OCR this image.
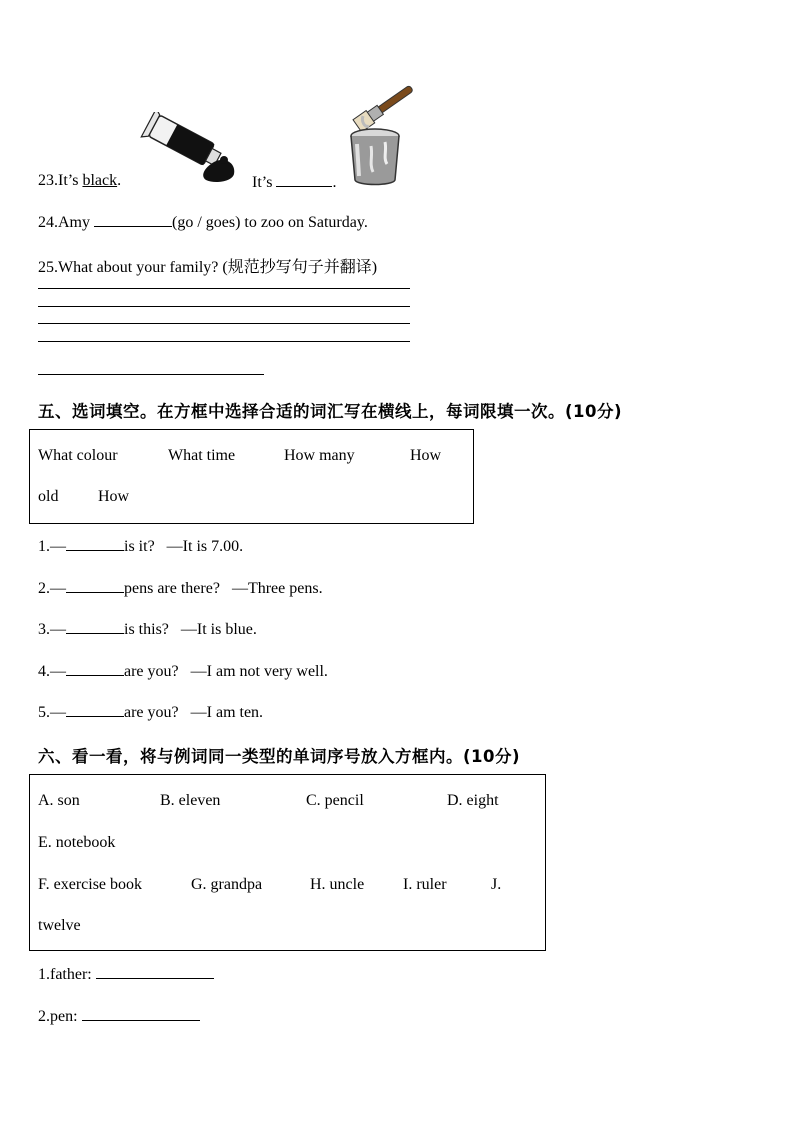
23.It’s black.	It’s	.
24.Amy	(go / goes) to zoo on Saturday.
25.What about your family? (规范抄写句子并翻译)
五、选词填空。在方框中选择合适的词汇写在横线上，每词限填一次。(10分)
What colour	What time	How many	How
old How
1.—	is it?   —It is 7.00.
2.—	pens are there?   —Three pens.
3.—	is this?   —It is blue.
4.—	are you?   —I am not very well.
5.—	are you?   —I am ten.
六、看一看，将与例词同一类型的单词序号放入方框内。(10分)
A. son	B. eleven	C. pencil	D. eight
E. notebook
F. exercise book	G. grandpa	H. uncle I. ruler	J.
twelve
1.father:
2.pen:
